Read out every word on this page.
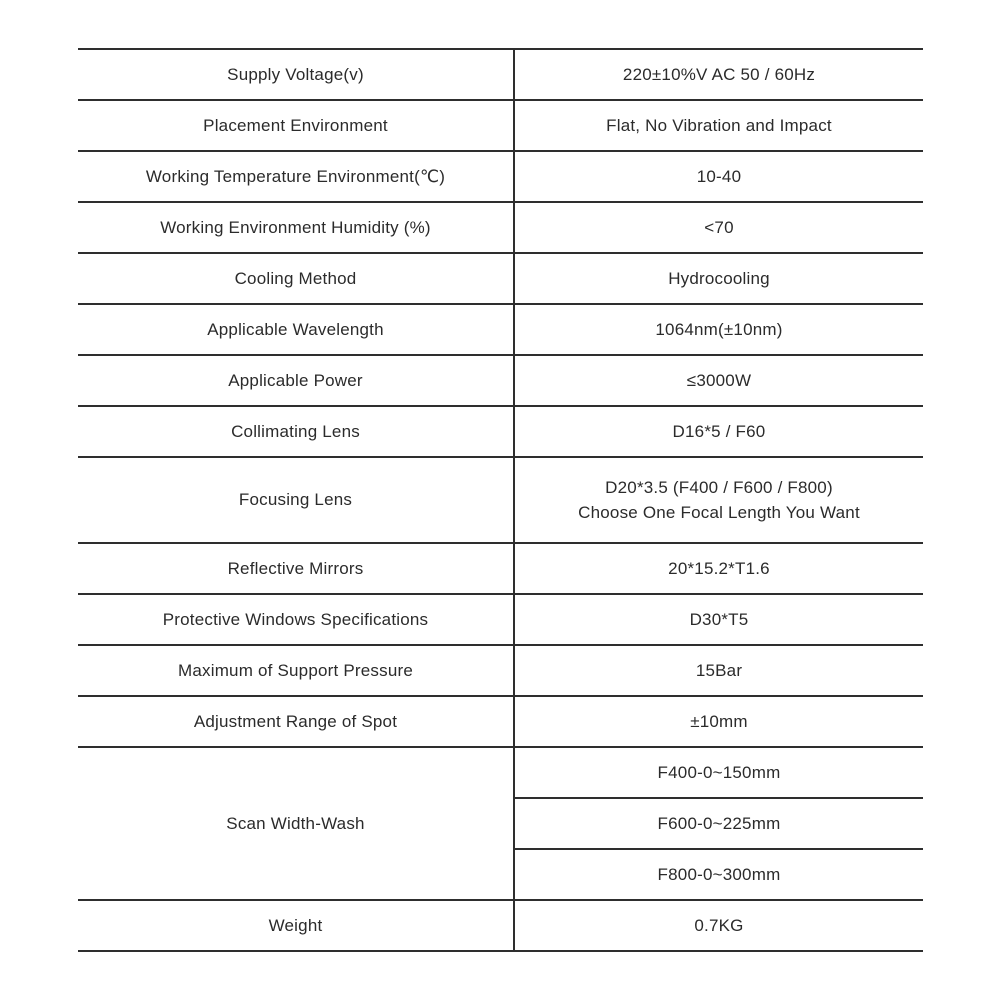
Supply Voltage(v)	220±10%V AC 50 / 60Hz
Placement Environment	Flat, No Vibration and Impact
Working Temperature Environment(℃)	10-40
Working Environment Humidity (%)	<70
Cooling Method	Hydrocooling
Applicable Wavelength	1064nm(±10nm)
Applicable Power	≤3000W
Collimating Lens	D16*5 / F60
Focusing Lens	D20*3.5 (F400 / F600 / F800)
Choose One Focal Length You Want

Reflective Mirrors	20*15.2*T1.6
Protective Windows Specifications	D30*T5
Maximum of Support Pressure	15Bar
Adjustment Range of Spot	±10mm
Scan Width-Wash	F400-0~150mm
	F600-0~225mm
	F800-0~300mm
Weight	0.7KG
